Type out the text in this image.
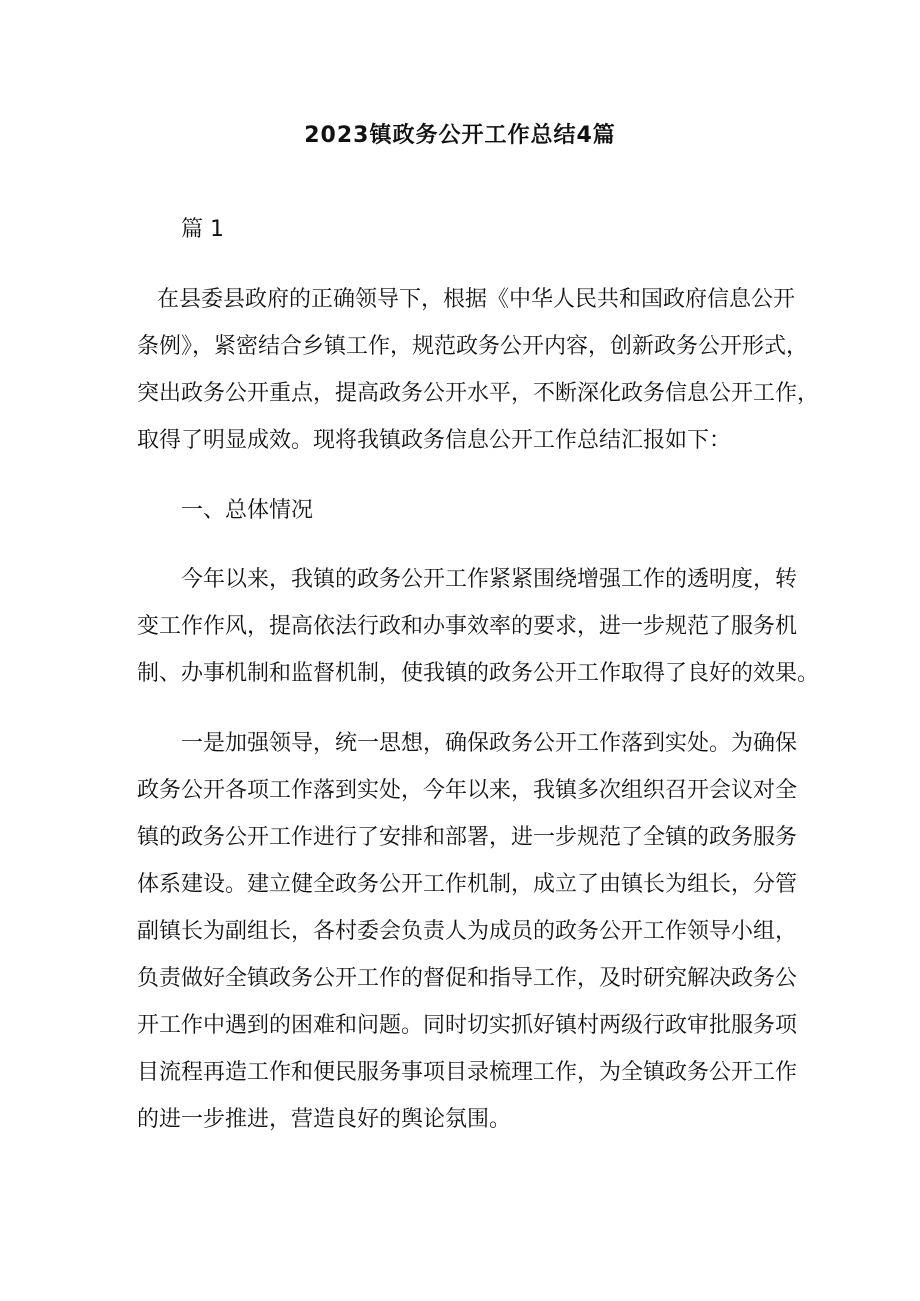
2023镇政务公开工作总结4篇
篇 1
在县委县政府的正确领导下，根据《中华人民共和国政府信息公开
条例》，紧密结合乡镇工作，规范政务公开内容，创新政务公开形式，
突出政务公开重点，提高政务公开水平，不断深化政务信息公开工作，
取得了明显成效。现将我镇政务信息公开工作总结汇报如下：
一、总体情况
今年以来，我镇的政务公开工作紧紧围绕增强工作的透明度，转
变工作作风，提高依法行政和办事效率的要求，进一步规范了服务机
制、办事机制和监督机制，使我镇的政务公开工作取得了良好的效果。
一是加强领导，统一思想，确保政务公开工作落到实处。为确保
政务公开各项工作落到实处，今年以来，我镇多次组织召开会议对全
镇的政务公开工作进行了安排和部署，进一步规范了全镇的政务服务
体系建设。建立健全政务公开工作机制，成立了由镇长为组长，分管
副镇长为副组长，各村委会负责人为成员的政务公开工作领导小组，
负责做好全镇政务公开工作的督促和指导工作，及时研究解决政务公
开工作中遇到的困难和问题。同时切实抓好镇村两级行政审批服务项
目流程再造工作和便民服务事项目录梳理工作，为全镇政务公开工作
的进一步推进，营造良好的舆论氛围。
